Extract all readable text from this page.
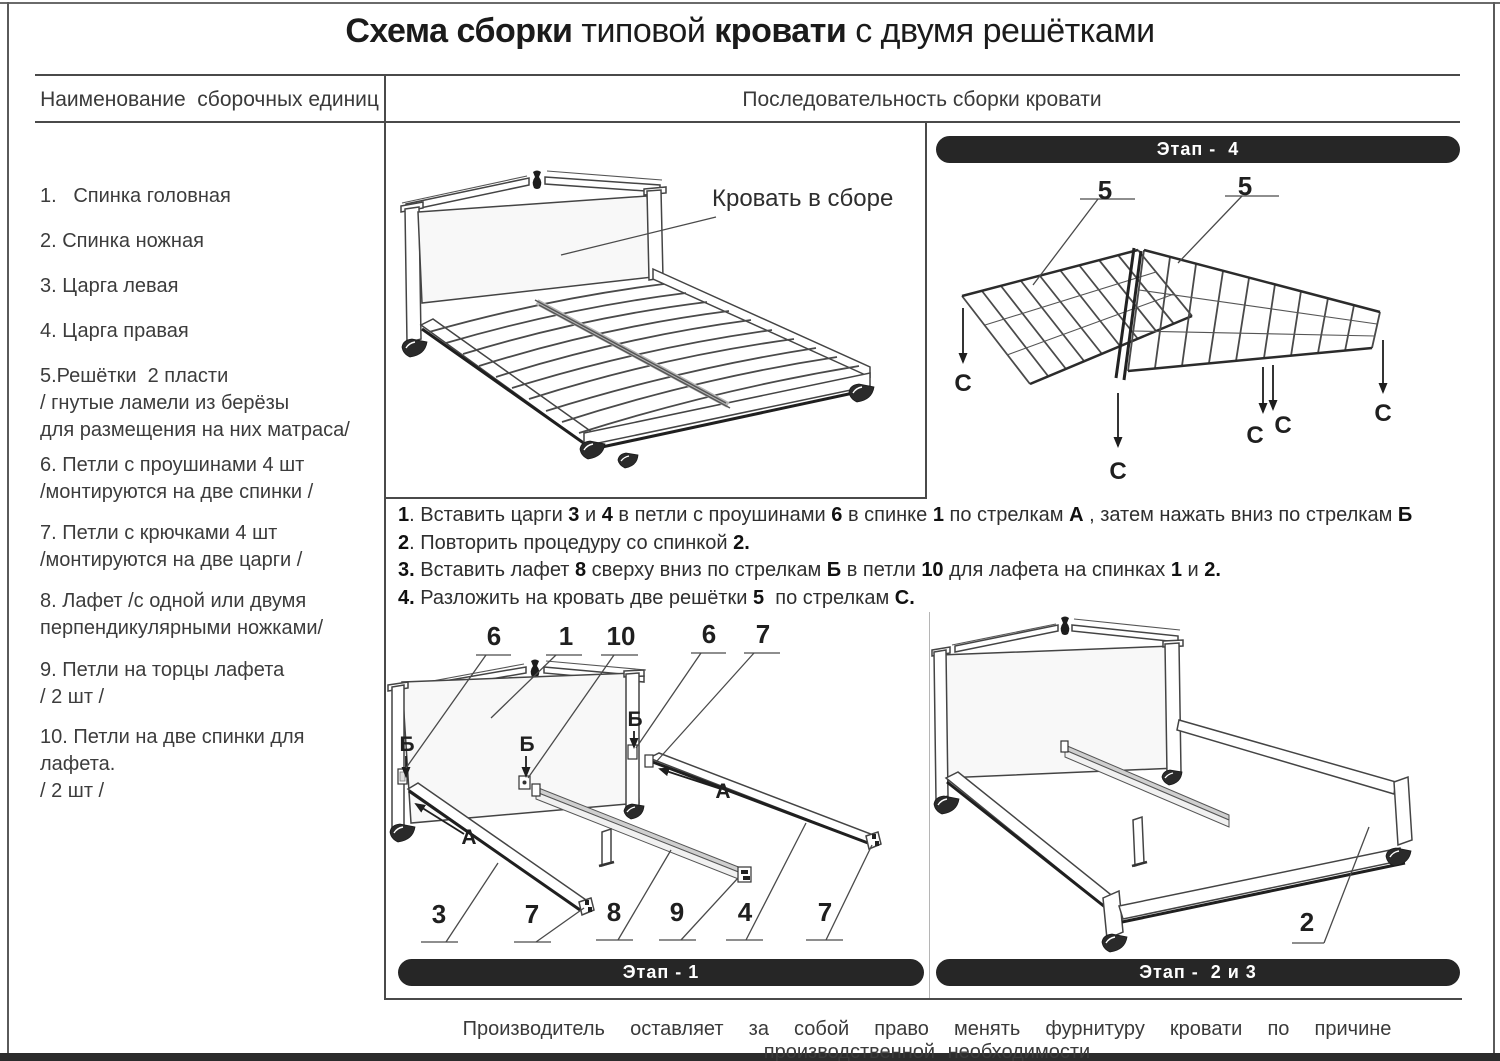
Схема сборки типовой кровати с двумя решётками
Наименование  сборочных единиц	Последовательность сборки кровати
1.   Спинка головная
2. Спинка ножная
3. Царга левая
4. Царга правая
5.Решётки  2 пласти
/ гнутые ламели из берёзы
для размещения на них матраса/
6. Петли с проушинами 4 шт
/монтируются на две спинки /
7. Петли с крючками 4 шт
/монтируются на две царги /
8. Лафет /с одной или двумя
перпендикулярными ножками/
9. Петли на торцы лафета
/ 2 шт /
10. Петли на две спинки для лафета.
/ 2 шт /
Кровать в сборе
Этап -  4
5	5
С
С
С С	С
1. Вставить царги 3 и 4 в петли с проушинами 6 в спинке 1 по стрелкам А , затем нажать вниз по стрелкам Б
2. Повторить процедуру со спинкой 2.
3. Вставить лафет 8 сверху вниз по стрелкам Б в петли 10 для лафета на спинках 1 и 2.
4. Разложить на кровать две решётки 5  по стрелкам С.
6	1	10	6	7
3	7	8	9	4	7
Б	Б
Б
А
А
2
Этап - 1	Этап -  2 и 3
Производитель  оставляет  за  собой  право  менять  фурнитуру  кровати  по  причине производственной необходимости
